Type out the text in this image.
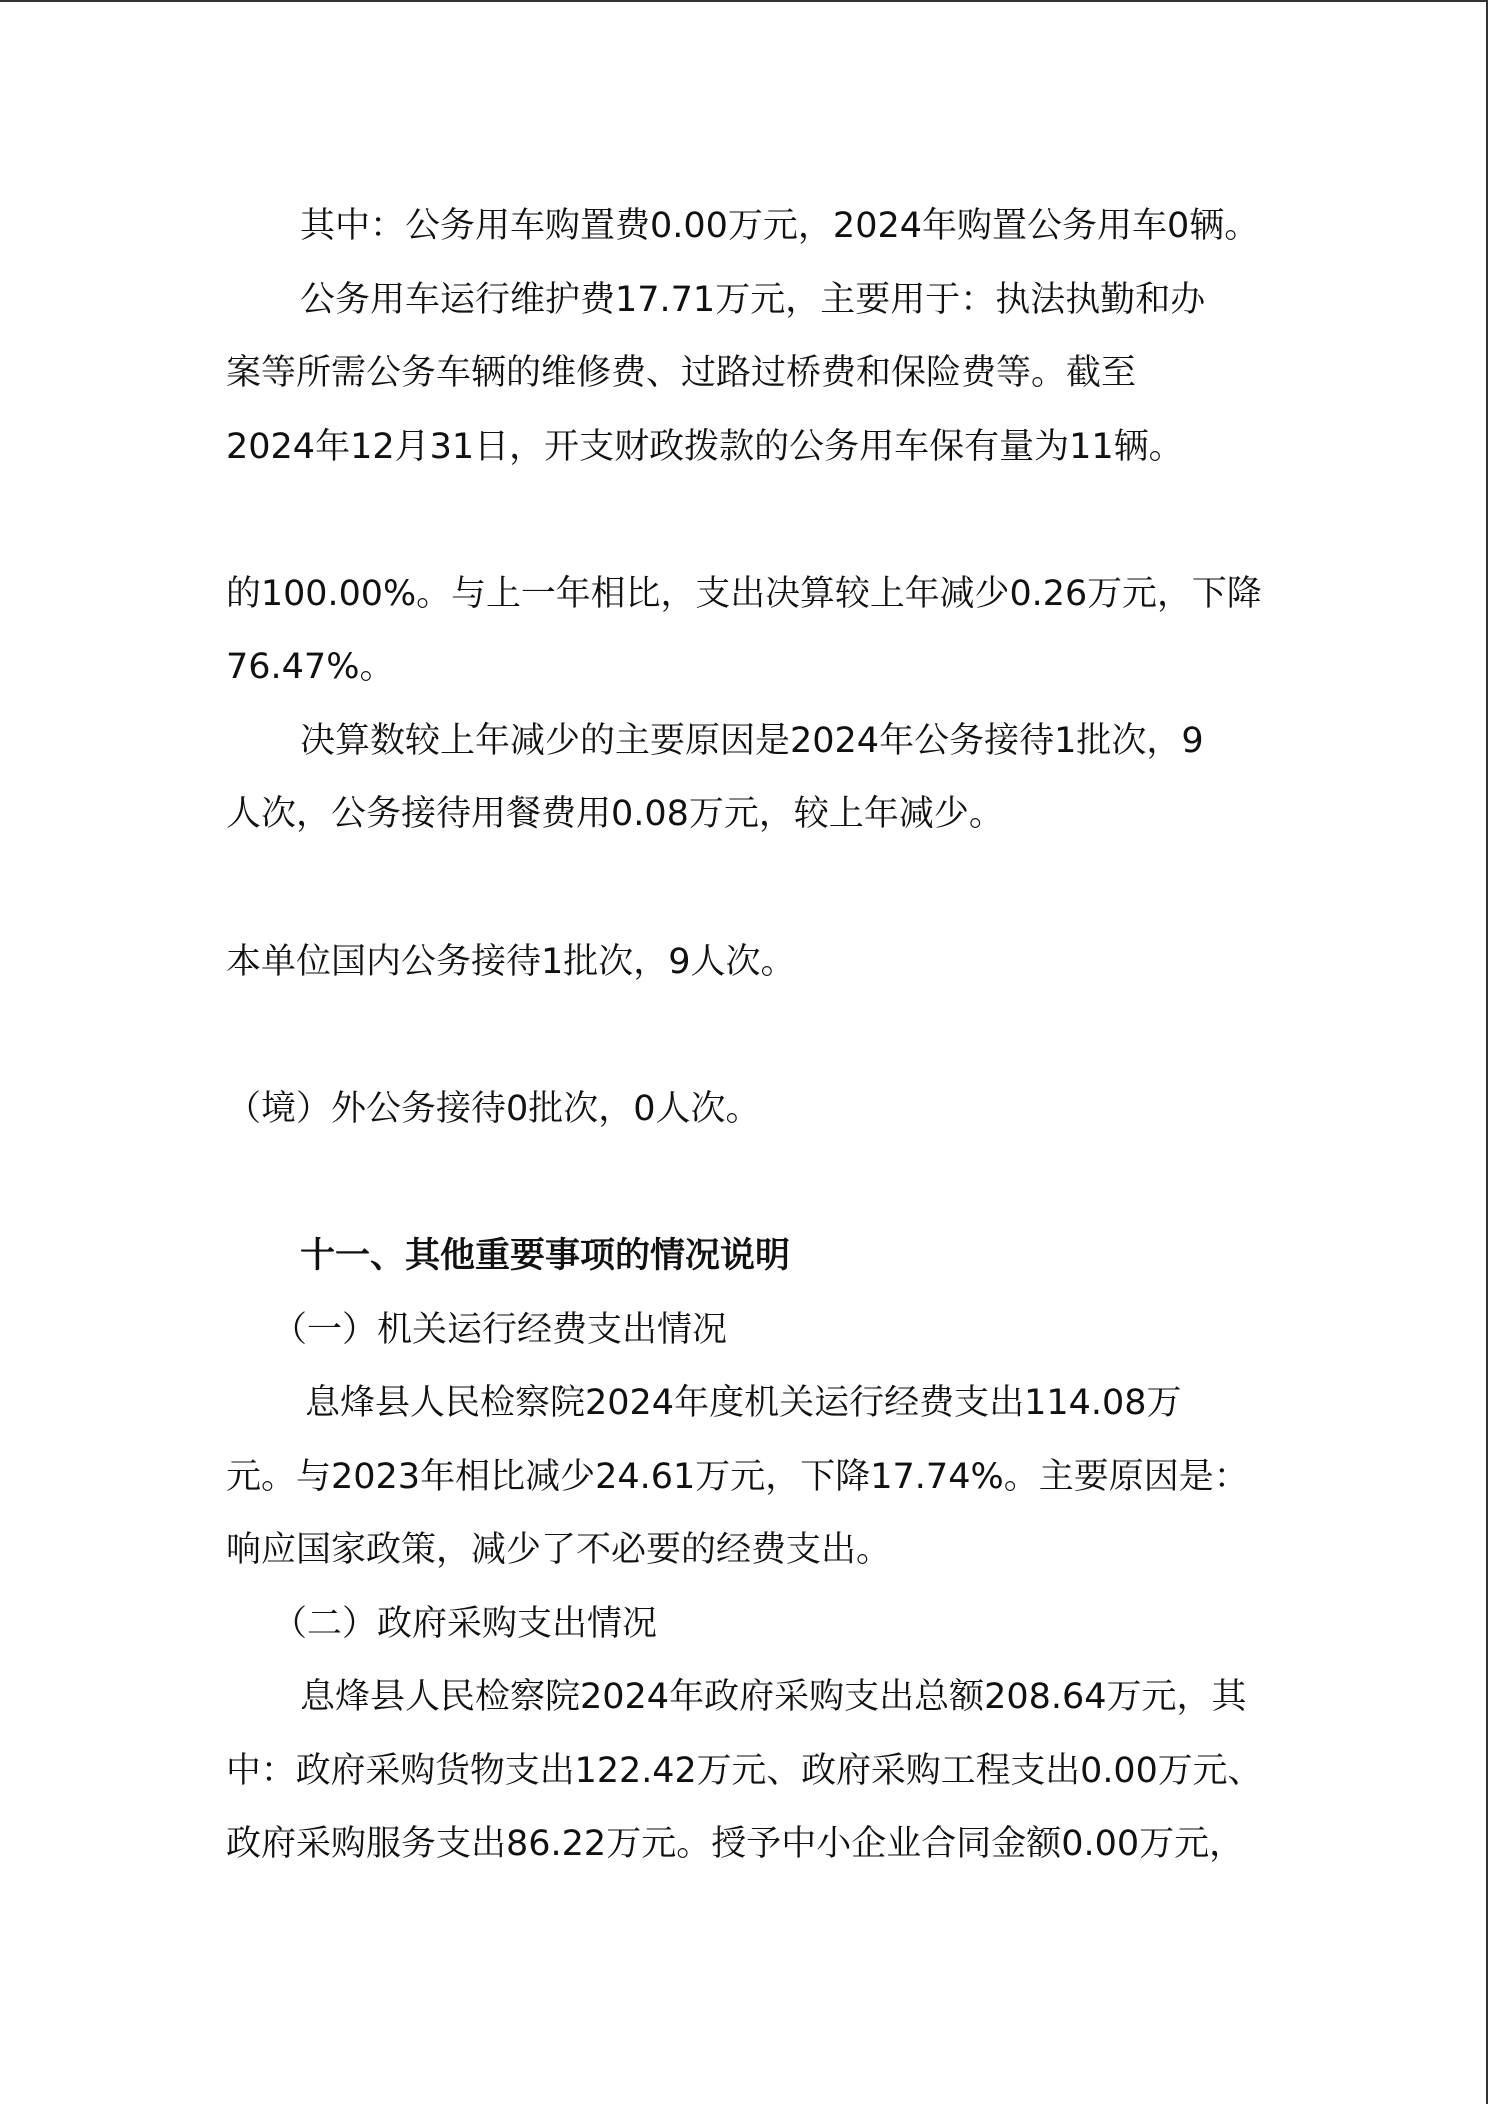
其中：公务用车购置费0.00万元，2024年购置公务用车0辆。
公务用车运行维护费17.71万元，主要用于：执法执勤和办
案等所需公务车辆的维修费、过路过桥费和保险费等。截至
2024年12月31日，开支财政拨款的公务用车保有量为11辆。

的100.00%。与上一年相比，支出决算较上年减少0.26万元，下降
76.47%。
决算数较上年减少的主要原因是2024年公务接待1批次，9
人次，公务接待用餐费用0.08万元，较上年减少。

本单位国内公务接待1批次，9人次。

（境）外公务接待0批次，0人次。
十一、其他重要事项的情况说明
（一）机关运行经费支出情况
息烽县人民检察院2024年度机关运行经费支出114.08万
元。与2023年相比减少24.61万元，下降17.74%。主要原因是：
响应国家政策，减少了不必要的经费支出。
（二）政府采购支出情况
息烽县人民检察院2024年政府采购支出总额208.64万元，其
中：政府采购货物支出122.42万元、政府采购工程支出0.00万元、
政府采购服务支出86.22万元。授予中小企业合同金额0.00万元，
